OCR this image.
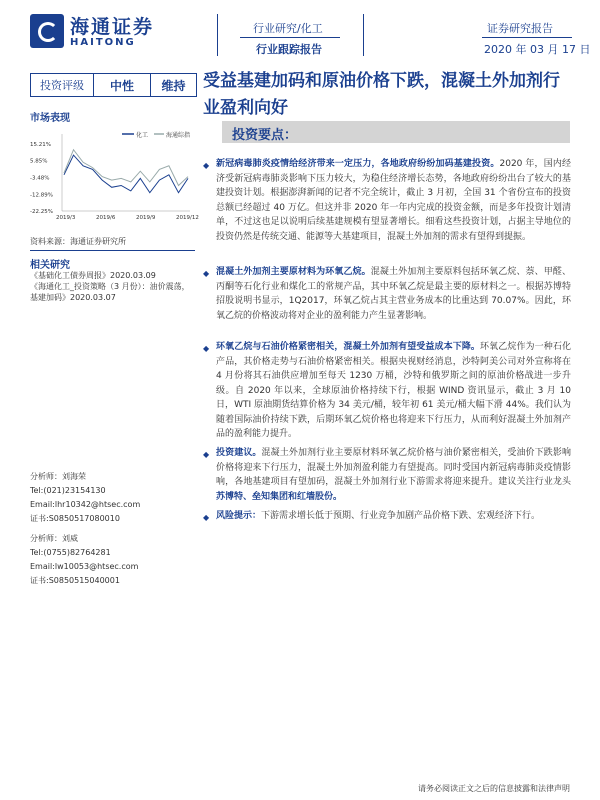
海通证券
HAITONG
行业研究/化工
行业跟踪报告
证券研究报告
2020 年 03 月 17 日
投资评级	中性	维持
市场表现
15.21%
5.85%
-3.48%
-12.89%
-22.25%
2019/3	2019/6	2019/9	2019/12
化工	海通综指
资料来源：海通证券研究所
相关研究
《基础化工债券周报》2020.03.09
《海通化工_投资策略（3 月份）：油价震荡，基建加码》2020.03.07
分析师：刘海荣
Tel:(021)23154130
Email:lhr10342@htsec.com
证书:S0850517080010
分析师：刘威
Tel:(0755)82764281
Email:lw10053@htsec.com
证书:S0850515040001
受益基建加码和原油价格下跌，混凝土外加剂行业盈利向好
投资要点：
◆ 新冠病毒肺炎疫情给经济带来一定压力，各地政府纷纷加码基建投资。2020 年，国内经济受新冠病毒肺炎影响下压力较大，为稳住经济增长态势，各地政府纷纷出台了较大的基建投资计划。根据澎湃新闻的记者不完全统计，截止 3 月初，全国 31 个省份宣布的投资总额已经超过 40 万亿。但这并非 2020 年一年内完成的投资金额，而是多年投资计划清单，不过这也足以说明后续基建规模有望显著增长。细看这些投资计划，占据主导地位的投资仍然是传统交通、能源等大基建项目，混凝土外加剂的需求有望得到提振。
◆ 混凝土外加剂主要原材料为环氧乙烷。混凝土外加剂主要原料包括环氧乙烷、萘、甲醛、丙酮等石化行业和煤化工的常规产品，其中环氧乙烷是最主要的原材料之一。根据苏博特招股说明书显示，1Q2017，环氧乙烷占其主营业务成本的比重达到 70.07%。因此，环氧乙烷的价格波动将对企业的盈利能力产生显著影响。
◆ 环氧乙烷与石油价格紧密相关，混凝土外加剂有望受益成本下降。环氧乙烷作为一种石化产品，其价格走势与石油价格紧密相关。根据央视财经消息，沙特阿美公司对外宣称将在 4 月份将其石油供应增加至每天 1230 万桶，沙特和俄罗斯之间的原油价格战进一步升级。自 2020 年以来，全球原油价格持续下行，根据 WIND 资讯显示，截止 3 月 10 日，WTI 原油期货结算价格为 34 美元/桶，较年初 61 美元/桶大幅下滑 44%。我们认为随着国际油价持续下跌，后期环氧乙烷价格也将迎来下行压力，从而利好混凝土外加剂产品的盈利能力提升。
◆ 投资建议。混凝土外加剂行业主要原材料环氧乙烷价格与油价紧密相关，受油价下跌影响价格将迎来下行压力，混凝土外加剂盈利能力有望提高。同时受国内新冠病毒肺炎疫情影响，各地基建项目有望加码，混凝土外加剂行业下游需求将迎来提升。建议关注行业龙头苏博特、垒知集团和红墙股份。
◆ 风险提示：下游需求增长低于预期、行业竞争加剧产品价格下跌、宏观经济下行。
请务必阅读正文之后的信息披露和法律声明
